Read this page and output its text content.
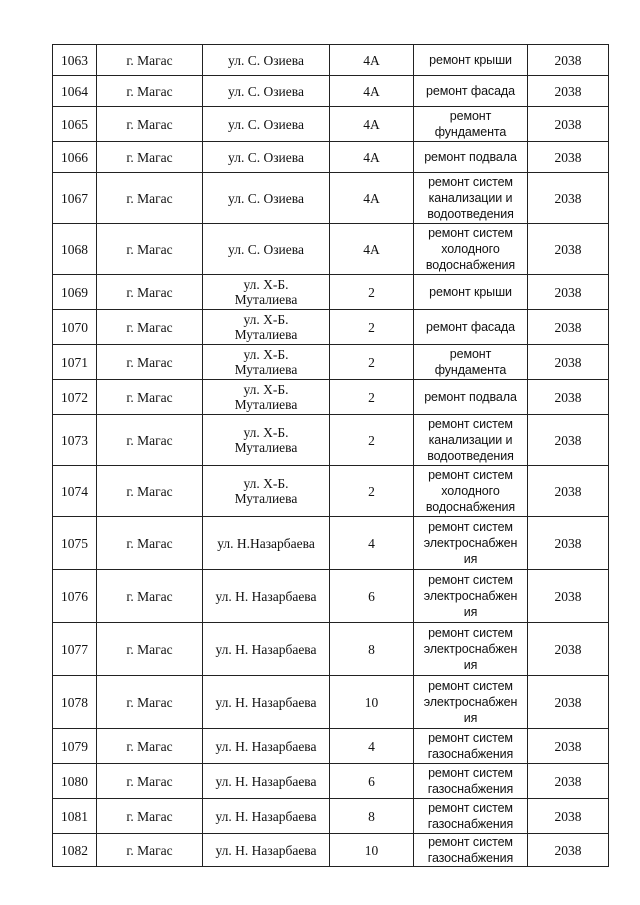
1063	г. Магас	ул. С. Озиева	4А	ремонт крыши	2038
1064	г. Магас	ул. С. Озиева	4А	ремонт фасада	2038
1065	г. Магас	ул. С. Озиева	4А	ремонт
фундамента	2038
1066	г. Магас	ул. С. Озиева	4А	ремонт подвала	2038
1067	г. Магас	ул. С. Озиева	4А	ремонт систем
канализации и
водоотведения	2038
1068	г. Магас	ул. С. Озиева	4А	ремонт систем
холодного
водоснабжения	2038
1069	г. Магас	ул. Х-Б.
Муталиева	2	ремонт крыши	2038
1070	г. Магас	ул. Х-Б.
Муталиева	2	ремонт фасада	2038
1071	г. Магас	ул. Х-Б.
Муталиева	2	ремонт
фундамента	2038
1072	г. Магас	ул. Х-Б.
Муталиева	2	ремонт подвала	2038
1073	г. Магас	ул. Х-Б.
Муталиева	2	ремонт систем
канализации и
водоотведения	2038
1074	г. Магас	ул. Х-Б.
Муталиева	2	ремонт систем
холодного
водоснабжения	2038
1075	г. Магас	ул. Н.Назарбаева	4	ремонт систем
электроснабжен
ия	2038
1076	г. Магас	ул. Н. Назарбаева	6	ремонт систем
электроснабжен
ия	2038
1077	г. Магас	ул. Н. Назарбаева	8	ремонт систем
электроснабжен
ия	2038
1078	г. Магас	ул. Н. Назарбаева	10	ремонт систем
электроснабжен
ия	2038
1079	г. Магас	ул. Н. Назарбаева	4	ремонт систем
газоснабжения	2038
1080	г. Магас	ул. Н. Назарбаева	6	ремонт систем
газоснабжения	2038
1081	г. Магас	ул. Н. Назарбаева	8	ремонт систем
газоснабжения	2038
1082	г. Магас	ул. Н. Назарбаева	10	ремонт систем
газоснабжения	2038
